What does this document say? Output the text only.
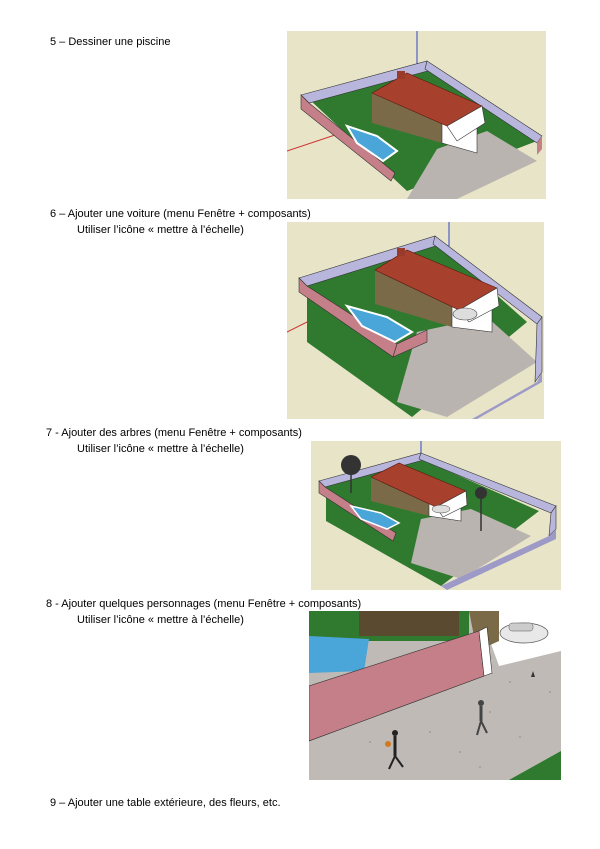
5 – Dessiner une piscine
6 – Ajouter une voiture (menu Fenêtre + composants)
Utiliser l’icône « mettre à l’échelle)
7 - Ajouter des arbres (menu Fenêtre + composants)
Utiliser l’icône « mettre à l’échelle)
8 - Ajouter quelques personnages (menu Fenêtre + composants)
Utiliser l’icône « mettre à l’échelle)
9 – Ajouter une table extérieure, des fleurs, etc.
